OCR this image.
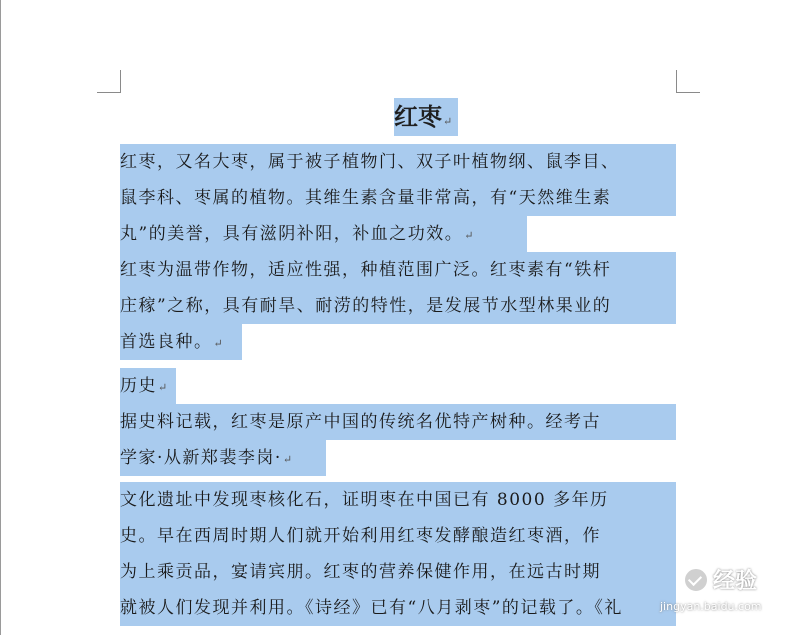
红枣↵
红枣，又名大枣，属于被子植物门、双子叶植物纲、鼠李目、
鼠李科、枣属的植物。其维生素含量非常高，有“天然维生素
丸”的美誉，具有滋阴补阳，补血之功效。↵
红枣为温带作物，适应性强，种植范围广泛。红枣素有“铁杆
庄稼”之称，具有耐旱、耐涝的特性，是发展节水型林果业的
首选良种。↵
历史↵
据史料记载，红枣是原产中国的传统名优特产树种。经考古
学家·从新郑裴李岗·↵
文化遗址中发现枣核化石，证明枣在中国已有 8000 多年历
史。早在西周时期人们就开始利用红枣发酵酿造红枣酒，作
为上乘贡品，宴请宾朋。红枣的营养保健作用，在远古时期
就被人们发现并利用。《诗经》已有“八月剥枣”的记载了。《礼
经验
jingyan.baidu.com
